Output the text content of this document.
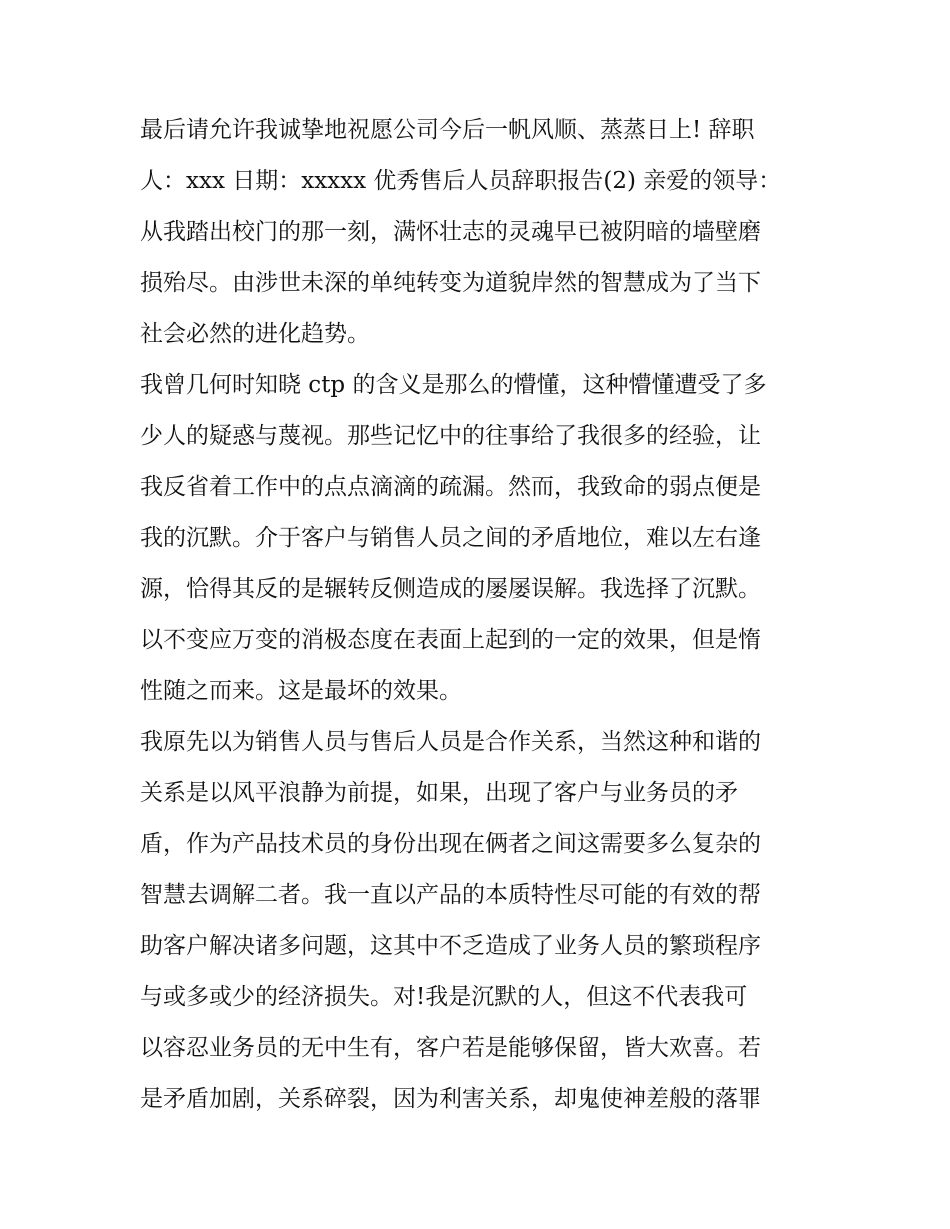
最后请允许我诚挚地祝愿公司今后一帆风顺、蒸蒸日上! 辞职
人：xxx 日期：xxxxx 优秀售后人员辞职报告(2) 亲爱的领导：
从我踏出校门的那一刻，满怀壮志的灵魂早已被阴暗的墙壁磨
损殆尽。由涉世未深的单纯转变为道貌岸然的智慧成为了当下
社会必然的进化趋势。
我曾几何时知晓 ctp 的含义是那么的懵懂，这种懵懂遭受了多
少人的疑惑与蔑视。那些记忆中的往事给了我很多的经验，让
我反省着工作中的点点滴滴的疏漏。然而，我致命的弱点便是
我的沉默。介于客户与销售人员之间的矛盾地位，难以左右逢
源，恰得其反的是辗转反侧造成的屡屡误解。我选择了沉默。
以不变应万变的消极态度在表面上起到的一定的效果，但是惰
性随之而来。这是最坏的效果。
我原先以为销售人员与售后人员是合作关系，当然这种和谐的
关系是以风平浪静为前提，如果，出现了客户与业务员的矛
盾，作为产品技术员的身份出现在俩者之间这需要多么复杂的
智慧去调解二者。我一直以产品的本质特性尽可能的有效的帮
助客户解决诸多问题，这其中不乏造成了业务人员的繁琐程序
与或多或少的经济损失。对!我是沉默的人，但这不代表我可
以容忍业务员的无中生有，客户若是能够保留，皆大欢喜。若
是矛盾加剧，关系碎裂，因为利害关系，却鬼使神差般的落罪
